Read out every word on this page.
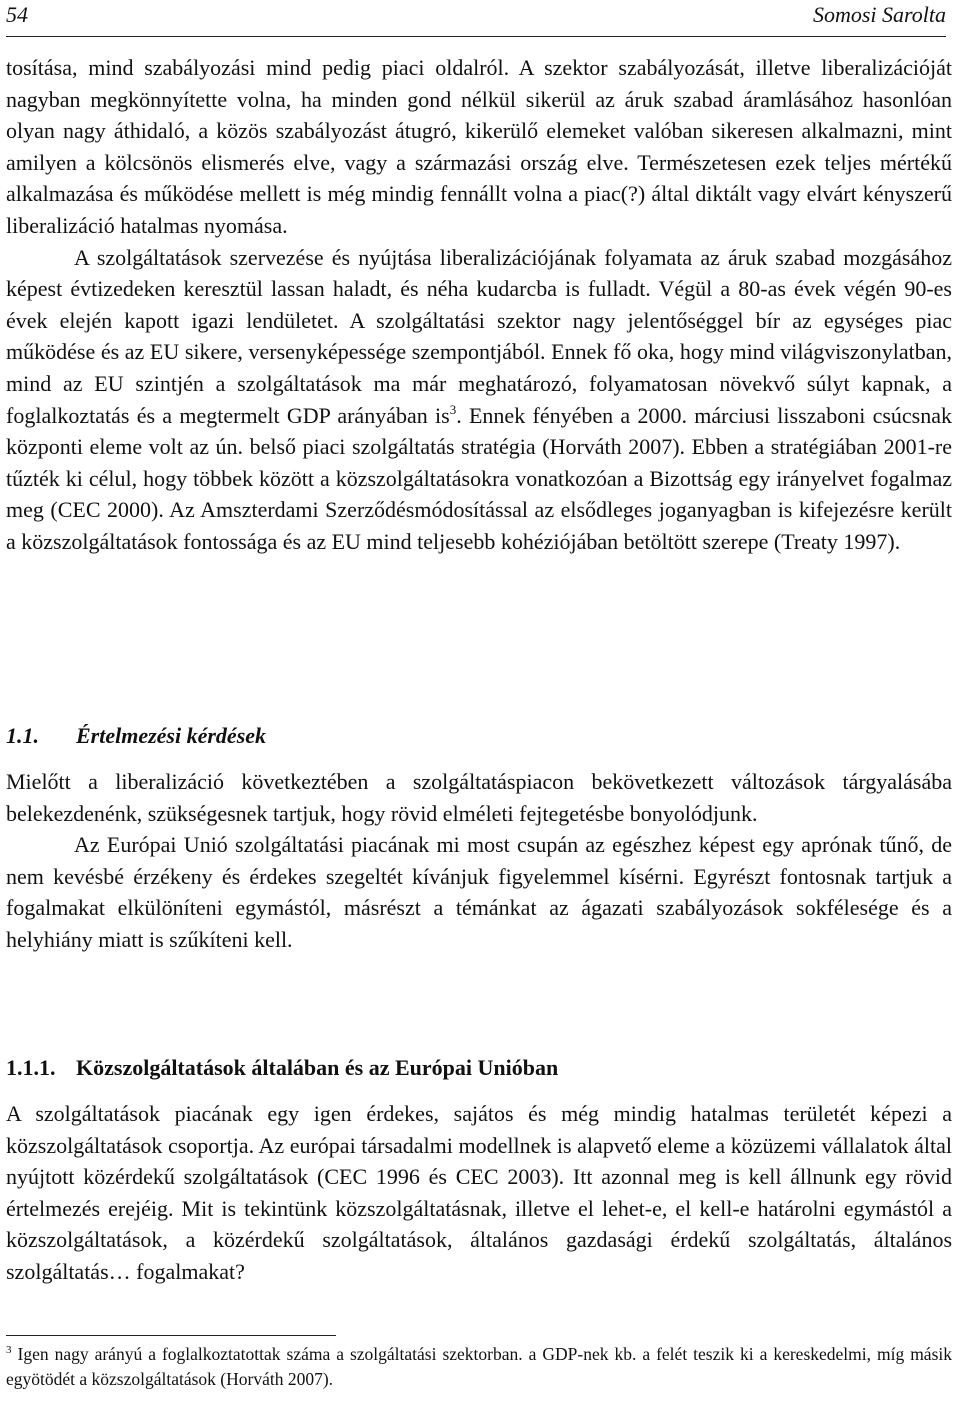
54	Somosi Sarolta

tosítása, mind szabályozási mind pedig piaci oldalról. A szektor szabályozását, illetve liberalizációját nagyban megkönnyítette volna, ha minden gond nélkül sikerül az áruk szabad áramlásához hasonlóan olyan nagy áthidaló, a közös szabályozást átugró, kikerülő elemeket valóban sikeresen alkalmazni, mint amilyen a kölcsönös elismerés elve, vagy a származási ország elve. Természetesen ezek teljes mértékű alkalmazása és működése mellett is még mindig fennállt volna a piac(?) által diktált vagy elvárt kényszerű liberalizáció hatalmas nyomása.

A szolgáltatások szervezése és nyújtása liberalizációjának folyamata az áruk szabad mozgásához képest évtizedeken keresztül lassan haladt, és néha kudarcba is fulladt. Végül a 80-as évek végén 90-es évek elején kapott igazi lendületet. A szolgáltatási szektor nagy jelentőséggel bír az egységes piac működése és az EU sikere, versenyképessége szempontjából. Ennek fő oka, hogy mind világviszonylatban, mind az EU szintjén a szolgáltatások ma már meghatározó, folyamatosan növekvő súlyt kapnak, a foglalkoztatás és a megtermelt GDP arányában $is^3$. Ennek fényében a 2000. márciusi lisszaboni csúcsnak központi eleme volt az ún. belső piaci szolgáltatás stratégia (Horváth 2007). Ebben a stratégiában 2001-re tűzték ki célul, hogy többek között a közszolgáltatásokra vonatkozóan a Bizottság egy irányelvet fogalmaz meg (CEC 2000). Az Amszterdami Szerződésmódosítással az elsődleges joganyagban is kifejezésre került a közszolgáltatások fontossága és az EU mind teljesebb kohéziójában betöltött szerepe (Treaty 1997).

1.1. Értelmezési kérdések

Mielőtt a liberalizáció következtében a szolgáltatáspiacon bekövetkezett változások tárgyalásába belekezdenénk, szükségesnek tartjuk, hogy rövid elméleti fejtegetésbe bonyolódjunk.

Az Európai Unió szolgáltatási piacának mi most csupán az egészhez képest egy aprónak tűnő, de nem kevésbé érzékeny és érdekes szegeltét kívánjuk figyelemmel kísérni. Egyrészt fontosnak tartjuk a fogalmakat elkülöníteni egymástól, másrészt a témánkat az ágazati szabályozások sokfélesége és a helyhiány miatt is szűkíteni kell.

1.1.1. Közszolgáltatások általában és az Európai Unióban

A szolgáltatások piacának egy igen érdekes, sajátos és még mindig hatalmas területét képezi a közszolgáltatások csoportja. Az európai társadalmi modellnek is alapvető eleme a közüzemi vállalatok által nyújtott közérdekű szolgáltatások (CEC 1996 és CEC 2003). Itt azonnal meg is kell állnunk egy rövid értelmezés erejéig. Mit is tekintünk közszolgáltatásnak, illetve el lehet-e, el kell-e határolni egymástól a közszolgáltatások, a közérdekű szolgáltatások, általános gazdasági érdekű szolgáltatás, általános szolgáltatás… fogalmakat?

$^3$ Igen nagy arányú a foglalkoztatottak száma a szolgáltatási szektorban. a GDP-nek kb. a felét teszik ki a kereskedelmi, míg másik egyötödét a közszolgáltatások (Horváth 2007).
